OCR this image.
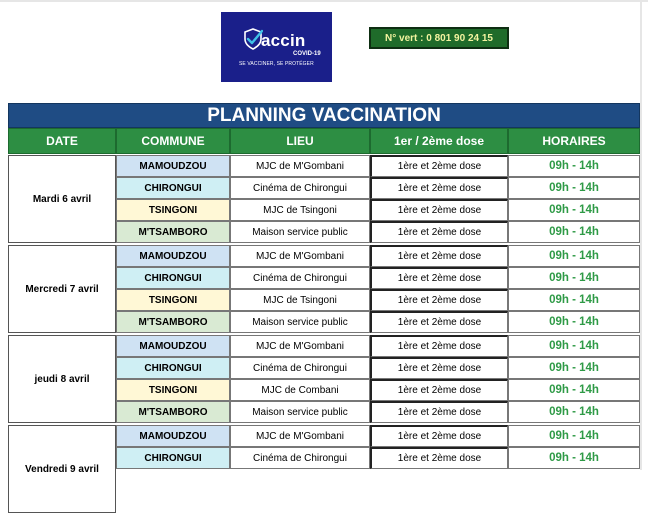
accin
COVID-19
SE VACCINER, SE PROTÉGER
N° vert : 0 801 90 24 15
PLANNING VACCINATION
DATE	COMMUNE	LIEU	1er / 2ème dose	HORAIRES
Mardi 6 avril
MAMOUDZOU	MJC de M'Gombani	1ère et 2ème dose	09h - 14h
CHIRONGUI	Cinéma de Chirongui	1ère et 2ème dose	09h - 14h
TSINGONI	MJC de Tsingoni	1ère et 2ème dose	09h - 14h
M'TSAMBORO	Maison service public	1ère et 2ème dose	09h - 14h
Mercredi 7 avril
MAMOUDZOU	MJC de M'Gombani	1ère et 2ème dose	09h - 14h
CHIRONGUI	Cinéma de Chirongui	1ère et 2ème dose	09h - 14h
TSINGONI	MJC de Tsingoni	1ère et 2ème dose	09h - 14h
M'TSAMBORO	Maison service public	1ère et 2ème dose	09h - 14h
jeudi 8 avril
MAMOUDZOU	MJC de M'Gombani	1ère et 2ème dose	09h - 14h
CHIRONGUI	Cinéma de Chirongui	1ère et 2ème dose	09h - 14h
TSINGONI	MJC de Combani	1ère et 2ème dose	09h - 14h
M'TSAMBORO	Maison service public	1ère et 2ème dose	09h - 14h
Vendredi 9 avril
MAMOUDZOU	MJC de M'Gombani	1ère et 2ème dose	09h - 14h
CHIRONGUI	Cinéma de Chirongui	1ère et 2ème dose	09h - 14h
